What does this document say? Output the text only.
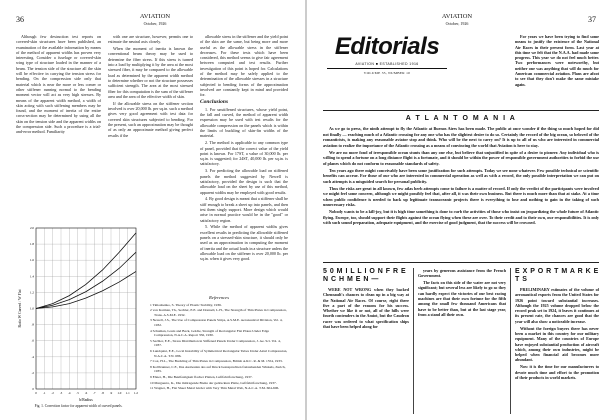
36	AVIATION
October, 1926

Although few destruction test reports on covered-skin structures have been published, an examination of the available information by means of the method of apparent widths has proven very interesting. Consider a fuselage or covered-skin wing type of structure loaded in the manner of a beam. The tension side of the structure all the skin will be effective in carrying the tension stress for bending. On the compression side only that material which is near the more or less comer or other stiffener running normal to the bending moment vector will act as very high stresses. By means of the apparent width method, a width of skin acting with such stiffening members may be found, and the moment of inertia of the entire cross-section may be determined by using all the skin on the tension side and the apparent widths on the compression side. Such a procedure is a trial-and-error method. Familiarity

with one are structure, however, permits one to estimate the neutral axis closely.

When the moment of inertia is known the conventional beam theory may be used to determine the fiber stress. If this stress is turned into a load by multiplying it by the area at the most stressed fiber, it may be compared to the allowable load as determined by the apparent width method to determine whether or not the structure possesses sufficient strength. The area at the most stressed fiber for this computation is the sum of the stiffener area and the area of the effective width of skin.

If the allowable stress on the stiffener section involved is over 20,000 lb. per sq.in. such a method gives very good agreement with test data for covered skin structures subjected to bending. For the present, such an approximation may be thought of as only an approximate method giving perfect results if the

allowable stress in the stiffener and the yield point of the skin are the same, but being more and more useful as the allowable stress in the stiffener decreases. For these tests which have been considered, this method seems to give fair agreement between computed and test results. Further investigation of this point is hoped for. Calculations of the method may be safely applied to the determination of the allowable stresses in a structure subjected to bending forms of the approximation involved are constantly kept in mind and provided for.

Conclusions

1. For unstiffened structures, whose yield point, the fall and curved, the method of apparent width expression may be used with test results for the allowable compression on the panels which is within the limits of buckling of skin-fin widths of the material.

2. The method is applicable to any common type of panel, provided that the correct value of the yield point is known. For 17ST, a value of 30,000 lb. per sq.in. is suggested; for 24ST, 40,000 lb. per sq.in. is satisfactory.

3. For predicting the allowable load on stiffened panels the method suggested by Newell is satisfactory, provided the design is such that the allowable load on the sheet by use of this method, apparent widths may be employed with good results.

4. By good design is meant that a stiffener shall be stiff enough to break a sheet up into panels, and then test them singly support. More design which would arise in normal practice would be in the "good" or satisfactory region.

5. While the method of apparent widths gives excellent results in predicting the allowable stiffened panels on a stressed-skin structure, it should only be used as an approximation in computing the moment of inertia and the actual loads in a structure unless the allowable load on the stiffener is over 20,000 lb. per sq.in. when it gives very good.

0 .1 .2 .3 .4 .5 .6 .7 .8 .9 1.0 1.1 1.2
0
.2
.4
.6
.8
1.0
1.2
1.4
1.6
1.8
2.0
b/Radius
Ratio W Curved / W Flat
Fig. 1. Correction factor for apparent width of curved panels.
References
1 Timoshenko, S. Theory of Elastic Stability, 1936.
2 von Karman, Th., Sechler, E.E. and Donnell, L.H., The Strength of Thin Plates in Compression, Trans. A.S.M.E. 1932.
3 Newell, J.S., The Use of Compression Panels Strips, A.S.M.E. Aeronautical Division, Vol. 4, 1932.
4 Schuman, Louis and Back, Goldie, Strength of Rectangular Flat Plates Under Edge Compression, N.A.C.A. Report 356, 1930.
5 Sechler, E.E., Stress Distribution in Stiffened Panels Under Compression, J. Ae. Sci. Vol. 4, 1937.
6 Lundquist, E.E., Local Instability of Symmetrical Rectangular Tubes Under Axial Compression, N.A.C.A. T.N. 686.
7 Cox, H.L., The Buckling of Thin Plates in Compression, British A.R.C. R. & M. 1554, 1933.
8 Kollbrunner, C.F., Das Ausbeulen des auf Druck beanspruchten freistehenden Winkels, Zurich, 1935.
9 Ebner, H., Die Beulfestigkeit flacher Platten, Luftfahrtforschung, 1937.
10 Marguerre, K., Die mittragende Breite der gedruckten Platte, Luftfahrtforschung, 1937.
11 Wagner, H., Flat Sheet Metal Girder with Very Thin Metal Web, N.A.C.A. T.M. 604-606.
37
AVIATION
October, 1926
Editorials
AVIATION ■ ESTABLISHED 1916
VOLUME 35, NUMBER 10

For years we have been trying to find some means to justify the existence of the National Air Races in their present form. Last year at this time we felt that the N.A.A. had made some progress. This year we do not feel much better. Two performances were noteworthy, but neither one was anything that will do much for American commercial aviation. Plans are afoot to see that they don't make the same mistake again.

A T L A N T O M A N I A

As we go to press, the ninth attempt to fly the Atlantic at Buenos Aires has been made. The public at once wonder if the thing so much hoped for did not finally — reaching much of a Atlantic crossing for any one who has the slightest desire to do so. Certainly the record of the big ocean, so beloved of the romanticists, is making any reasonable aviator stop and think. Who will be the next to carry on? It is up to all of us who are interested in commercial aviation to realize the importance of the Atlantic crossing as a means of convincing the world that Aviation is here to stay.

We are no more fond of irresponsible ocean stunts than any one else, but believe that unjustified in spite of a desire to pioneer. Any individual who is willing to spend a fortune on a long distance flight is a fortunate, and it should be within the power of responsible government authorities to forbid the use of planes which do not conform to reasonable standards of safety.

Ten years ago there might conceivably have been some justification for such attempts. Today we see none whatever. Few possible technical or scientific benefits can accrue. For those of our who are interested in commercial operation as well as with a record, the only possible interpretation we can put on such attempts is a misguided search for personal publicity.

Thus the risks are great in all known, few atlas herb attempts come to failure is a matter of record. If only the verdict of the participants were involved we might feel some concern, although we might possibly feel that, after all, it was their own business. But there is much more than that at stake. At a time when public confidence is needed to back up legitimate transoceanic projects there is everything to lose and nothing to gain in the taking of such unnecessary risks.

Nobody wants to be a kill-joy, but it is high time something is done to curb the activities of those who insist on jeopardizing the whole future of Atlantic flying. Europe, too, should support their flights against the ocean flying when these are over. To their credit and to their own, our responsibilities. It is only with such sound preparation, adequate equipment, and the exercise of good judgment, that the success will be crowned.

5 0 M I L L I O N F R E N C H M E N —

WERE NOT WRONG when they backed Chennault's chances to clean up in a big way at the National Air Races. Of course, right there five a part of the reasons for his success. Whether we like it or not, all of the hills were fourth contenders in the Amiot, but the Caudron racer was ordered to what specification ships that have been helped along for

years by generous assistance from the French Government.

The facts on this side of the water are not very significant; but several less are likely to go so they can hardly expect the victories of our best racing machines are that their own fortune for the fifth among the small few thousand Americans that have to be better than, but at the last stage year, from a stand all their own.

E X P O R T M A R K E T S

PRELIMINARY estimates of the volume of aeronautical exports from the United States for 1926 point toward substantial increases. Although the 1925 volume dropped below the record peak set in 1924, it leaves it continues at its present rate, the chances are good that the year will also show a noticeable increase.

Without the foreign buyers there has never been a market in this country for our military equipment. Many of the countries of Europe have enjoyed substantial production of aircraft which, among their own industries, might be helped when financial aid becomes more abundant.

Now it is the time for our manufacturers to devote much time and effort to the promotion of their products in world markets.
